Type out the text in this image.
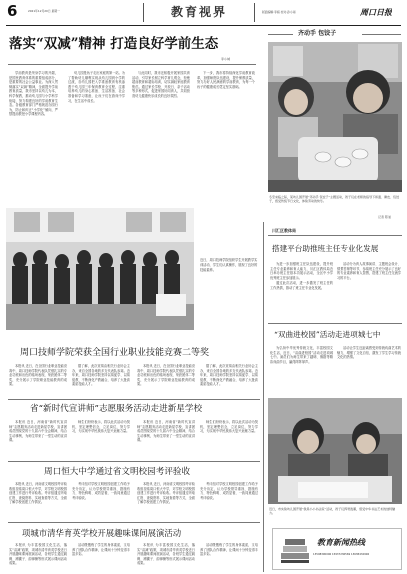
6	2021年12月20日 星期一	教育视界	版面编辑:李娟 校对:孙小雨	周口日报
落实“双减”精神 打造良好学前生态
李小城

学前教育是终身学习的开端，是国民教育体系的重要组成部分，是重要的社会公益事业。为深入贯彻落实“双减”精神，全面提升学前教育质量，我市坚持以幼儿为本，科学保教，推动幼儿园与小学科学衔接，努力构建良好的学前教育生态。各级教育部门严格规范办园行为，防止和纠正“小学化”倾向，严禁提前教授小学课程内容。

幼儿园是孩子走出家庭的第一站。为了帮助幼儿顺利实现从幼儿园到小学的过渡，各幼儿园把入学准备教育有机渗透于幼儿园三年保育教育全过程，注重培养幼儿的身心准备、生活准备、社会准备和学习准备，让孩子们在游戏中学习，在生活中成长。

与此同时，我市还积极开展家园共育活动，引导家长树立科学育儿观念，拒绝超前教育和超标培训，切实减轻家庭教育焦虑。通过家长学校、开放日、亲子活动等多种形式，促进家园协同育人，共同营造幼儿健康快乐成长的良好氛围。

下一步，我市将持续深化学前教育改革，加强师资队伍建设，提升保教质量，努力办好人民满意的学前教育，为每一个孩子的健康成长奠定坚实基础。

齐动手 包饺子
冬至来临之际，某幼儿园开展“齐动手 包饺子”主题活动，孩子们在老师的指导下和面、擀皮、包饺子，感受传统节日文化，体验劳动的快乐。
记者 陈旭
近日，周口技师学院组织学生开展教学实训活动，学生们认真操作，展现了良好的技能素养。
周口技师学院荣获全国行业职业技能竞赛二等奖

本报讯 近日，在全国行业职业技能竞赛中，周口技师学院代表队凭借扎实的专业功底和出色的临场表现，荣获团体二等奖，充分展示了学院职业技能教育的成果。

据了解，此次竞赛由相关行业协会主办，来自全国各地的多支代表队参赛。近年来，周口技师学院坚持以赛促学、以赛促教，不断深化产教融合，培养了大批高素质技能人才。

本报讯 近日，在全国行业职业技能竞赛中，周口技师学院代表队凭借扎实的专业功底和出色的临场表现，荣获团体二等奖，充分展示了学院职业技能教育的成果。

据了解，此次竞赛由相关行业协会主办，来自全国各地的多支代表队参赛。近年来，周口技师学院坚持以赛促学、以赛促教，不断深化产教融合，培养了大批高素质技能人才。

省“新时代宣讲师”志愿服务活动走进新星学校

本报讯 近日，河南省“新时代宣讲师”志愿服务活动走进新星学校，宣讲团成员围绕党的十九届六中全会精神，结合生动事例，为师生带来了一堂生动的宣讲课。

师生们纷纷表示，将以此次活动为契机，坚定理想信念，立足岗位，努力学习，为实现中华民族伟大复兴贡献力量。

本报讯 近日，河南省“新时代宣讲师”志愿服务活动走进新星学校，宣讲团成员围绕党的十九届六中全会精神，结合生动事例，为师生带来了一堂生动的宣讲课。

师生们纷纷表示，将以此次活动为契机，坚定理想信念，立足岗位，努力学习，为实现中华民族伟大复兴贡献力量。

周口恒大中学通过省文明校园考评验收

本报讯 近日，河南省文明校园考评验收组莅临周口恒大中学，对学校文明校园创建工作进行考评验收。考评组通过听取汇报、查阅资料、实地查看等方式，全面了解学校创建工作情况。

考评组对学校文明校园创建工作给予充分肯定，认为学校领导重视、措施有力、特色鲜明、成效显著，一致同意通过考评验收。

本报讯 近日，河南省文明校园考评验收组莅临周口恒大中学，对学校文明校园创建工作进行考评验收。考评组通过听取汇报、查阅资料、实地查看等方式，全面了解学校创建工作情况。

考评组对学校文明校园创建工作给予充分肯定，认为学校领导重视、措施有力、特色鲜明、成效显著，一致同意通过考评验收。

项城市清华育英学校开展趣味课间展演活动

本报讯 为丰富校园文化生活，落实“双减”政策，项城市清华育英学校近日开展趣味课间展演活动，各班学生通过跳绳、踢毽子、韵律操等形式展示课间活动成果。

活动既锻炼了学生的身体素质，又培养了团队合作精神，让课间十分钟变得丰富多彩。

本报讯 为丰富校园文化生活，落实“双减”政策，项城市清华育英学校近日开展趣味课间展演活动，各班学生通过跳绳、踢毽子、韵律操等形式展示课间活动成果。

活动既锻炼了学生的身体素质，又培养了团队合作精神，让课间十分钟变得丰富多彩。

川汇区教体局
搭建平台助推班主任专业化发展

为进一步加强班主任队伍建设，提升班主任专业素养和育人能力，川汇区教体局近日举办班主任基本功展示活动，全区中小学优秀班主任参加展示。

通过此次活动，进一步激发了班主任的工作热情，推动了班主任专业化发展。

活动分为育人故事演讲、主题班会设计、情景答辩等环节，参赛班主任充分展示了良好的专业素养和育人智慧，搭建了班主任交流学习的平台。

“双曲进校园”活动走进项城七中

为弘扬中华优秀传统文化，丰富校园文化生活，近日，“双曲进校园”活动走进项城七中。演员们为师生带来了越调、豫剧等精彩戏曲节目，赢得阵阵掌声。

活动让学生近距离感受到传统戏曲艺术的魅力，增强了文化自信，激发了学生学习传统文化的热情。

近日，市实验幼儿园开展“我是小小书法家”活动，孩子们挥毫泼墨，感受中华书法艺术的独特魅力。
教育新闻热线
13598390006 15937236569 13638432906
